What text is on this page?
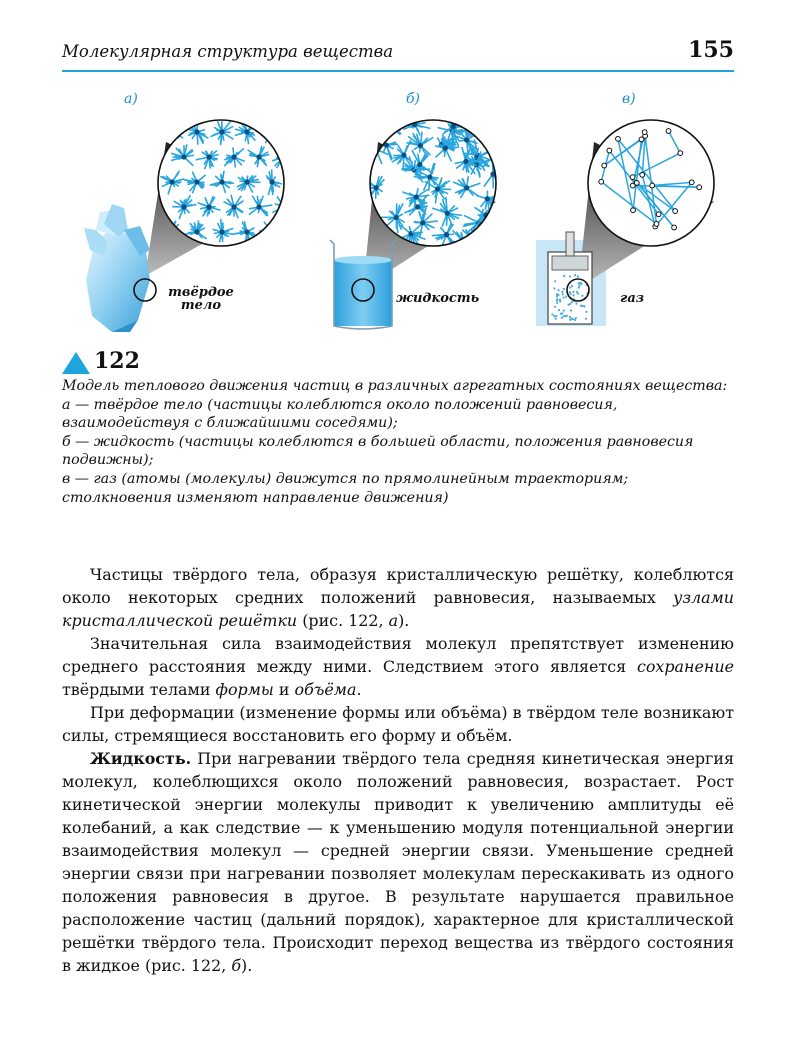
Молекулярная структура вещества	155
а)	б)	в)
твёрдое
тело	жидкость	газ
122

Модель теплового движения частиц в различных агрегатных состояниях вещества:

а — твёрдое тело (частицы колеблются около положений равновесия, взаимодействуя с ближайшими соседями);

б — жидкость (частицы колеблются в большей области, положения равновесия подвижны);

в — газ (атомы (молекулы) движутся по прямолинейным траекториям; столкновения изменяют направление движения)

Частицы твёрдого тела, образуя кристаллическую решётку, колеблются около некоторых средних положений равновесия, называемых узлами кристаллической решётки (рис. 122, а).

Значительная сила взаимодействия молекул препятствует изменению среднего расстояния между ними. Следствием этого является сохранение твёрдыми телами формы и объёма.

При деформации (изменение формы или объёма) в твёрдом теле возникают силы, стремящиеся восстановить его форму и объём.

Жидкость. При нагревании твёрдого тела средняя кинетическая энергия молекул, колеблющихся около положений равновесия, возрастает. Рост кинетической энергии молекулы приводит к увеличению амплитуды её колебаний, а как следствие — к уменьшению модуля потенциальной энергии взаимодействия молекул — средней энергии связи. Уменьшение средней энергии связи при нагревании позволяет молекулам перескакивать из одного положения равновесия в другое. В результате нарушается правильное расположение частиц (дальний порядок), характерное для кристаллической решётки твёрдого тела. Происходит переход вещества из твёрдого состояния в жидкое (рис. 122, б).
